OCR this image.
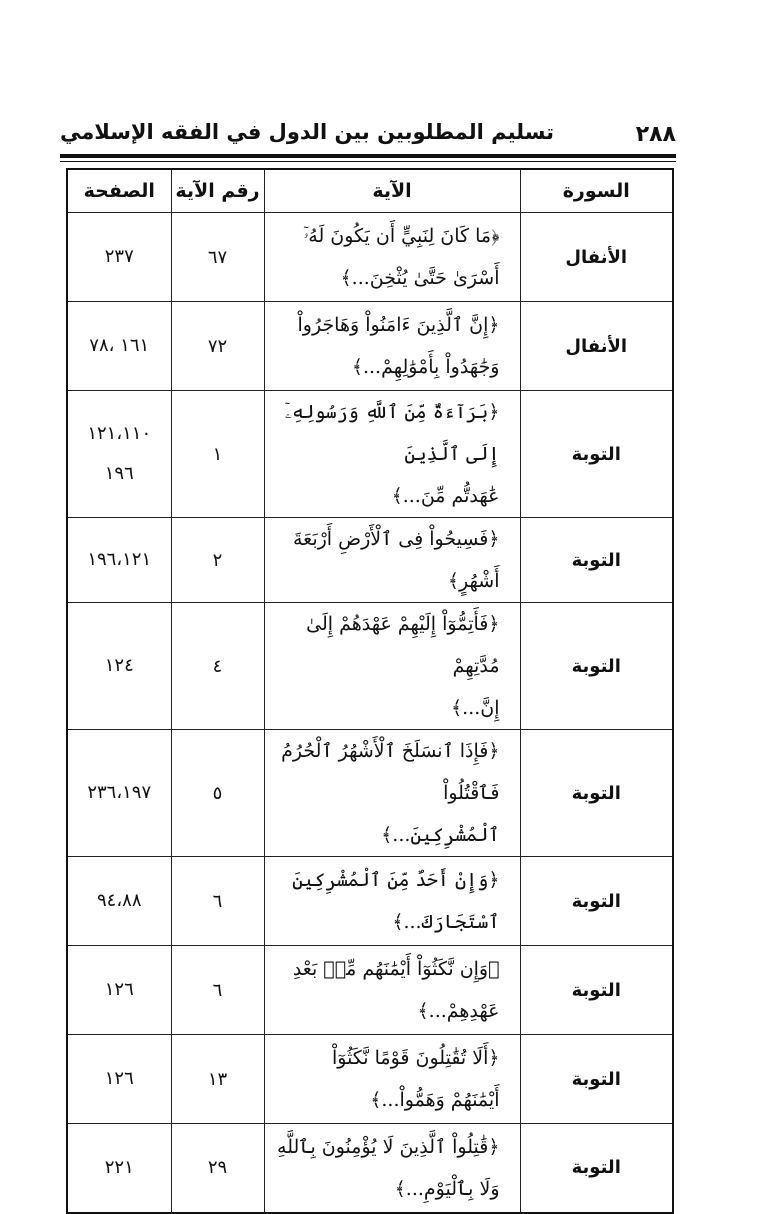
٢٨٨
تسليم المطلوبين بين الدول في الفقه الإسلامي
السورة	الآية	رقم الآية	الصفحة
الأنفال	﴿مَا كَانَ لِنَبِيٍّ أَن يَكُونَ لَهُۥٓ
أَسْرَىٰ حَتَّىٰ يُثْخِنَ...﴾	٦٧	٢٣٧

الأنفال	﴿إِنَّ ٱلَّذِينَ ءَامَنُواْ وَهَاجَرُواْ
وَجَٰهَدُواْ بِأَمْوَٰلِهِمْ...﴾	٧٢	١٦١ ،٧٨

التوبة	﴿بَرَآءَةٌ مِّنَ ٱللَّهِ وَرَسُولِهِۦٓ إِلَى ٱلَّذِينَ
عَٰهَدتُّم مِّنَ...﴾	١	١٢١،١١٠
١٩٦

التوبة	﴿فَسِيحُواْ فِى ٱلْأَرْضِ أَرْبَعَةَ أَشْهُرٍ﴾	٢	١٩٦،١٢١

التوبة	﴿فَأَتِمُّوٓاْ إِلَيْهِمْ عَهْدَهُمْ إِلَىٰ مُدَّتِهِمْ
إِنَّ...﴾	٤	١٢٤

التوبة	﴿فَإِذَا ٱنسَلَخَ ٱلْأَشْهُرُ ٱلْحُرُمُ فَٱقْتُلُواْ
ٱلْمُشْرِكِينَ...﴾	٥	٢٣٦،١٩٧

التوبة	﴿وَإِنْ أَحَدٌ مِّنَ ٱلْمُشْرِكِينَ
ٱسْتَجَارَكَ...﴾	٦	٩٤،٨٨

التوبة	﴿وَإِن نَّكَثُوٓاْ أَيْمَٰنَهُم مِّنۢ بَعْدِ
عَهْدِهِمْ...﴾	٦	١٢٦

التوبة	﴿أَلَا تُقَٰتِلُونَ قَوْمًا نَّكَثُوٓاْ
أَيْمَٰنَهُمْ وَهَمُّواْ...﴾	١٣	١٢٦

التوبة	﴿قَٰتِلُواْ ٱلَّذِينَ لَا يُؤْمِنُونَ بِٱللَّهِ
وَلَا بِٱلْيَوْمِ...﴾	٢٩	٢٢١
